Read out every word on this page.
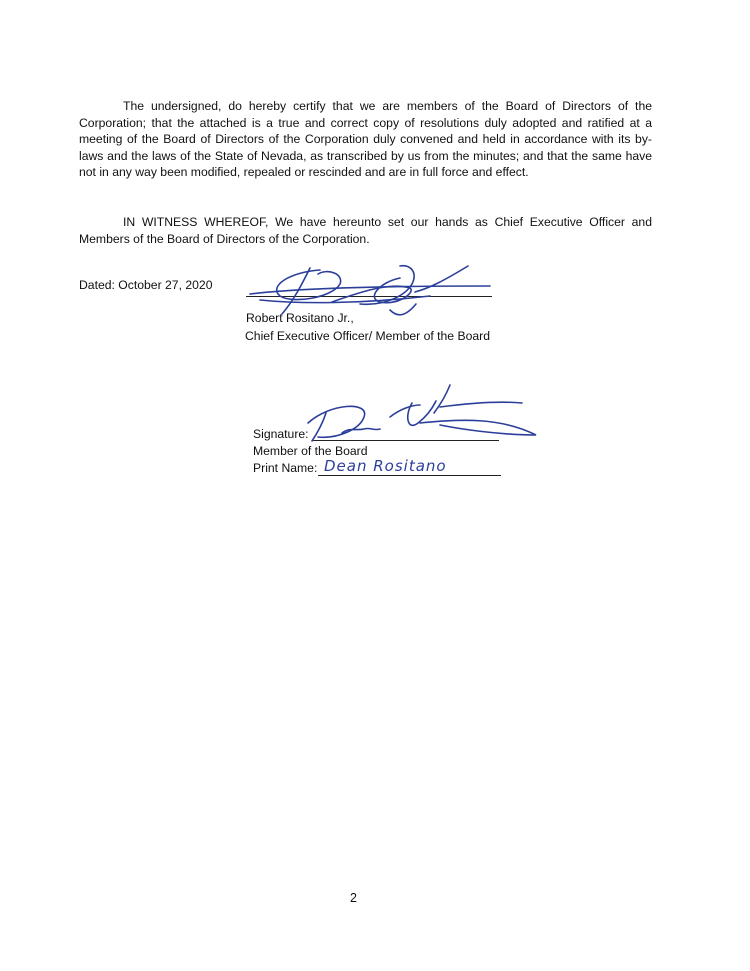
The undersigned, do hereby certify that we are members of the Board of Directors of the Corporation; that the attached is a true and correct copy of resolutions duly adopted and ratified at a meeting of the Board of Directors of the Corporation duly convened and held in accordance with its by-laws and the laws of the State of Nevada, as transcribed by us from the minutes; and that the same have not in any way been modified, repealed or rescinded and are in full force and effect.

IN WITNESS WHEREOF, We have hereunto set our hands as Chief Executive Officer and Members of the Board of Directors of the Corporation.

Dated: October 27, 2020
Robert Rositano Jr.,
Chief Executive Officer/ Member of the Board
Signature:
Member of the Board
Print Name: Dean Rositano
2
